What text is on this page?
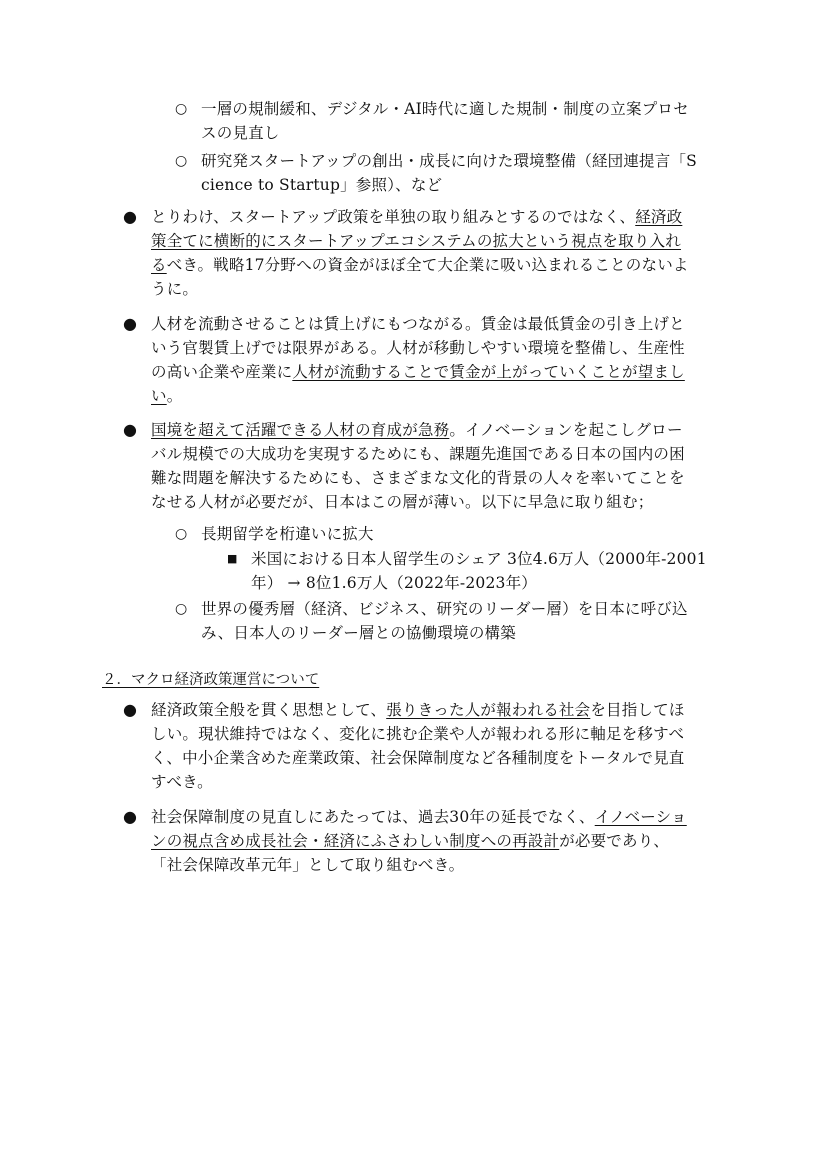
○ 一層の規制緩和、デジタル・AI時代に適した規制・制度の立案プロセ
スの見直し
○ 研究発スタートアップの創出・成長に向けた環境整備（経団連提言「S
cience to Startup」参照）、など
● とりわけ、スタートアップ政策を単独の取り組みとするのではなく、経済政
策全てに横断的にスタートアップエコシステムの拡大という視点を取り入れ
るべき。戦略17分野への資金がほぼ全て大企業に吸い込まれることのないよ
うに。
● 人材を流動させることは賃上げにもつながる。賃金は最低賃金の引き上げと
いう官製賃上げでは限界がある。人材が移動しやすい環境を整備し、生産性
の高い企業や産業に人材が流動することで賃金が上がっていくことが望まし
い。
● 国境を超えて活躍できる人材の育成が急務。イノベーションを起こしグロー
バル規模での大成功を実現するためにも、課題先進国である日本の国内の困
難な問題を解決するためにも、さまざまな文化的背景の人々を率いてことを
なせる人材が必要だが、日本はこの層が薄い。以下に早急に取り組む；
○ 長期留学を桁違いに拡大
■ 米国における日本人留学生のシェア 3位4.6万人（2000年-2001
年） → 8位1.6万人（2022年-2023年）
○ 世界の優秀層（経済、ビジネス、研究のリーダー層）を日本に呼び込
み、日本人のリーダー層との協働環境の構築
２．マクロ経済政策運営について
● 経済政策全般を貫く思想として、張りきった人が報われる社会を目指してほ
しい。現状維持ではなく、変化に挑む企業や人が報われる形に軸足を移すべ
く、中小企業含めた産業政策、社会保障制度など各種制度をトータルで見直
すべき。
● 社会保障制度の見直しにあたっては、過去30年の延長でなく、イノベーショ
ンの視点含め成長社会・経済にふさわしい制度への再設計が必要であり、
「社会保障改革元年」として取り組むべき。
